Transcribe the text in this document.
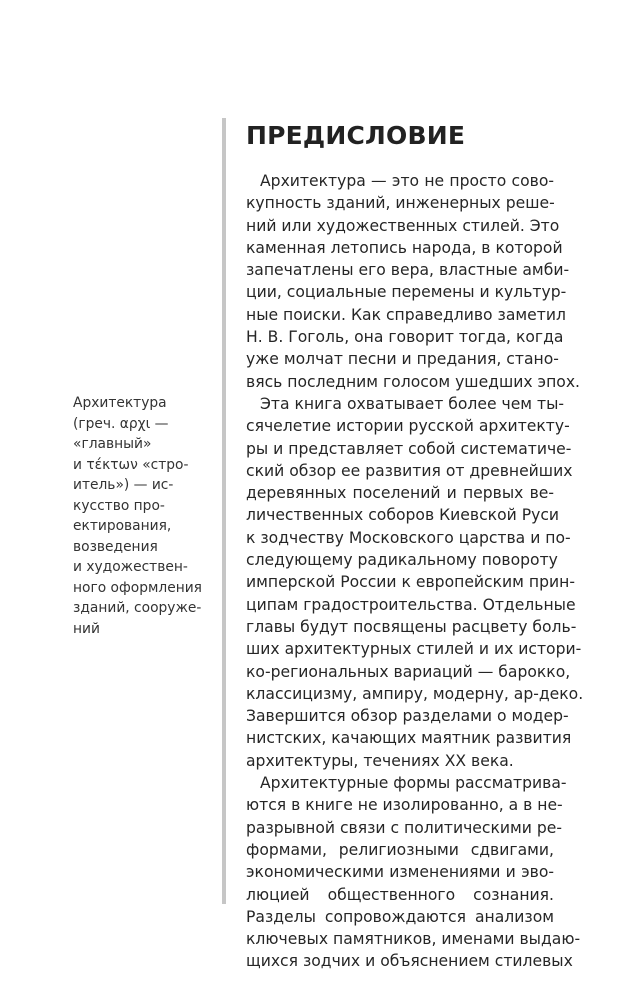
Архитектура
(греч. αρχι —
«главный»
и τέκτων «стро-
итель») — ис-
кусство про-
ектирования,
возведения
и художествен-
ного оформления
зданий, сооруже-
ний
ПРЕДИСЛОВИЕ
Архитектура — это не просто сово-
купность зданий, инженерных реше-
ний или художественных стилей. Это
каменная летопись народа, в которой
запечатлены его вера, властные амби-
ции, социальные перемены и культур-
ные поиски. Как справедливо заметил
Н. В. Гоголь, она говорит тогда, когда
уже молчат песни и предания, стано-
вясь последним голосом ушедших эпох.
Эта книга охватывает более чем ты-
сячелетие истории русской архитекту-
ры и представляет собой систематиче-
ский обзор ее развития от древнейших
деревянных поселений и первых ве-
личественных соборов Киевской Руси
к зодчеству Московского царства и по-
следующему радикальному повороту
имперской России к европейским прин-
ципам градостроительства. Отдельные
главы будут посвящены расцвету боль-
ших архитектурных стилей и их истори-
ко-региональных вариаций — барокко,
классицизму, ампиру, модерну, ар-деко.
Завершится обзор разделами о модер-
нистских, качающих маятник развития
архитектуры, течениях XX века.
Архитектурные формы рассматрива-
ются в книге не изолированно, а в не-
разрывной связи с политическими ре-
формами, религиозными сдвигами,
экономическими изменениями и эво-
люцией общественного сознания.
Разделы сопровождаются анализом
ключевых памятников, именами выдаю-
щихся зодчих и объяснением стилевых
